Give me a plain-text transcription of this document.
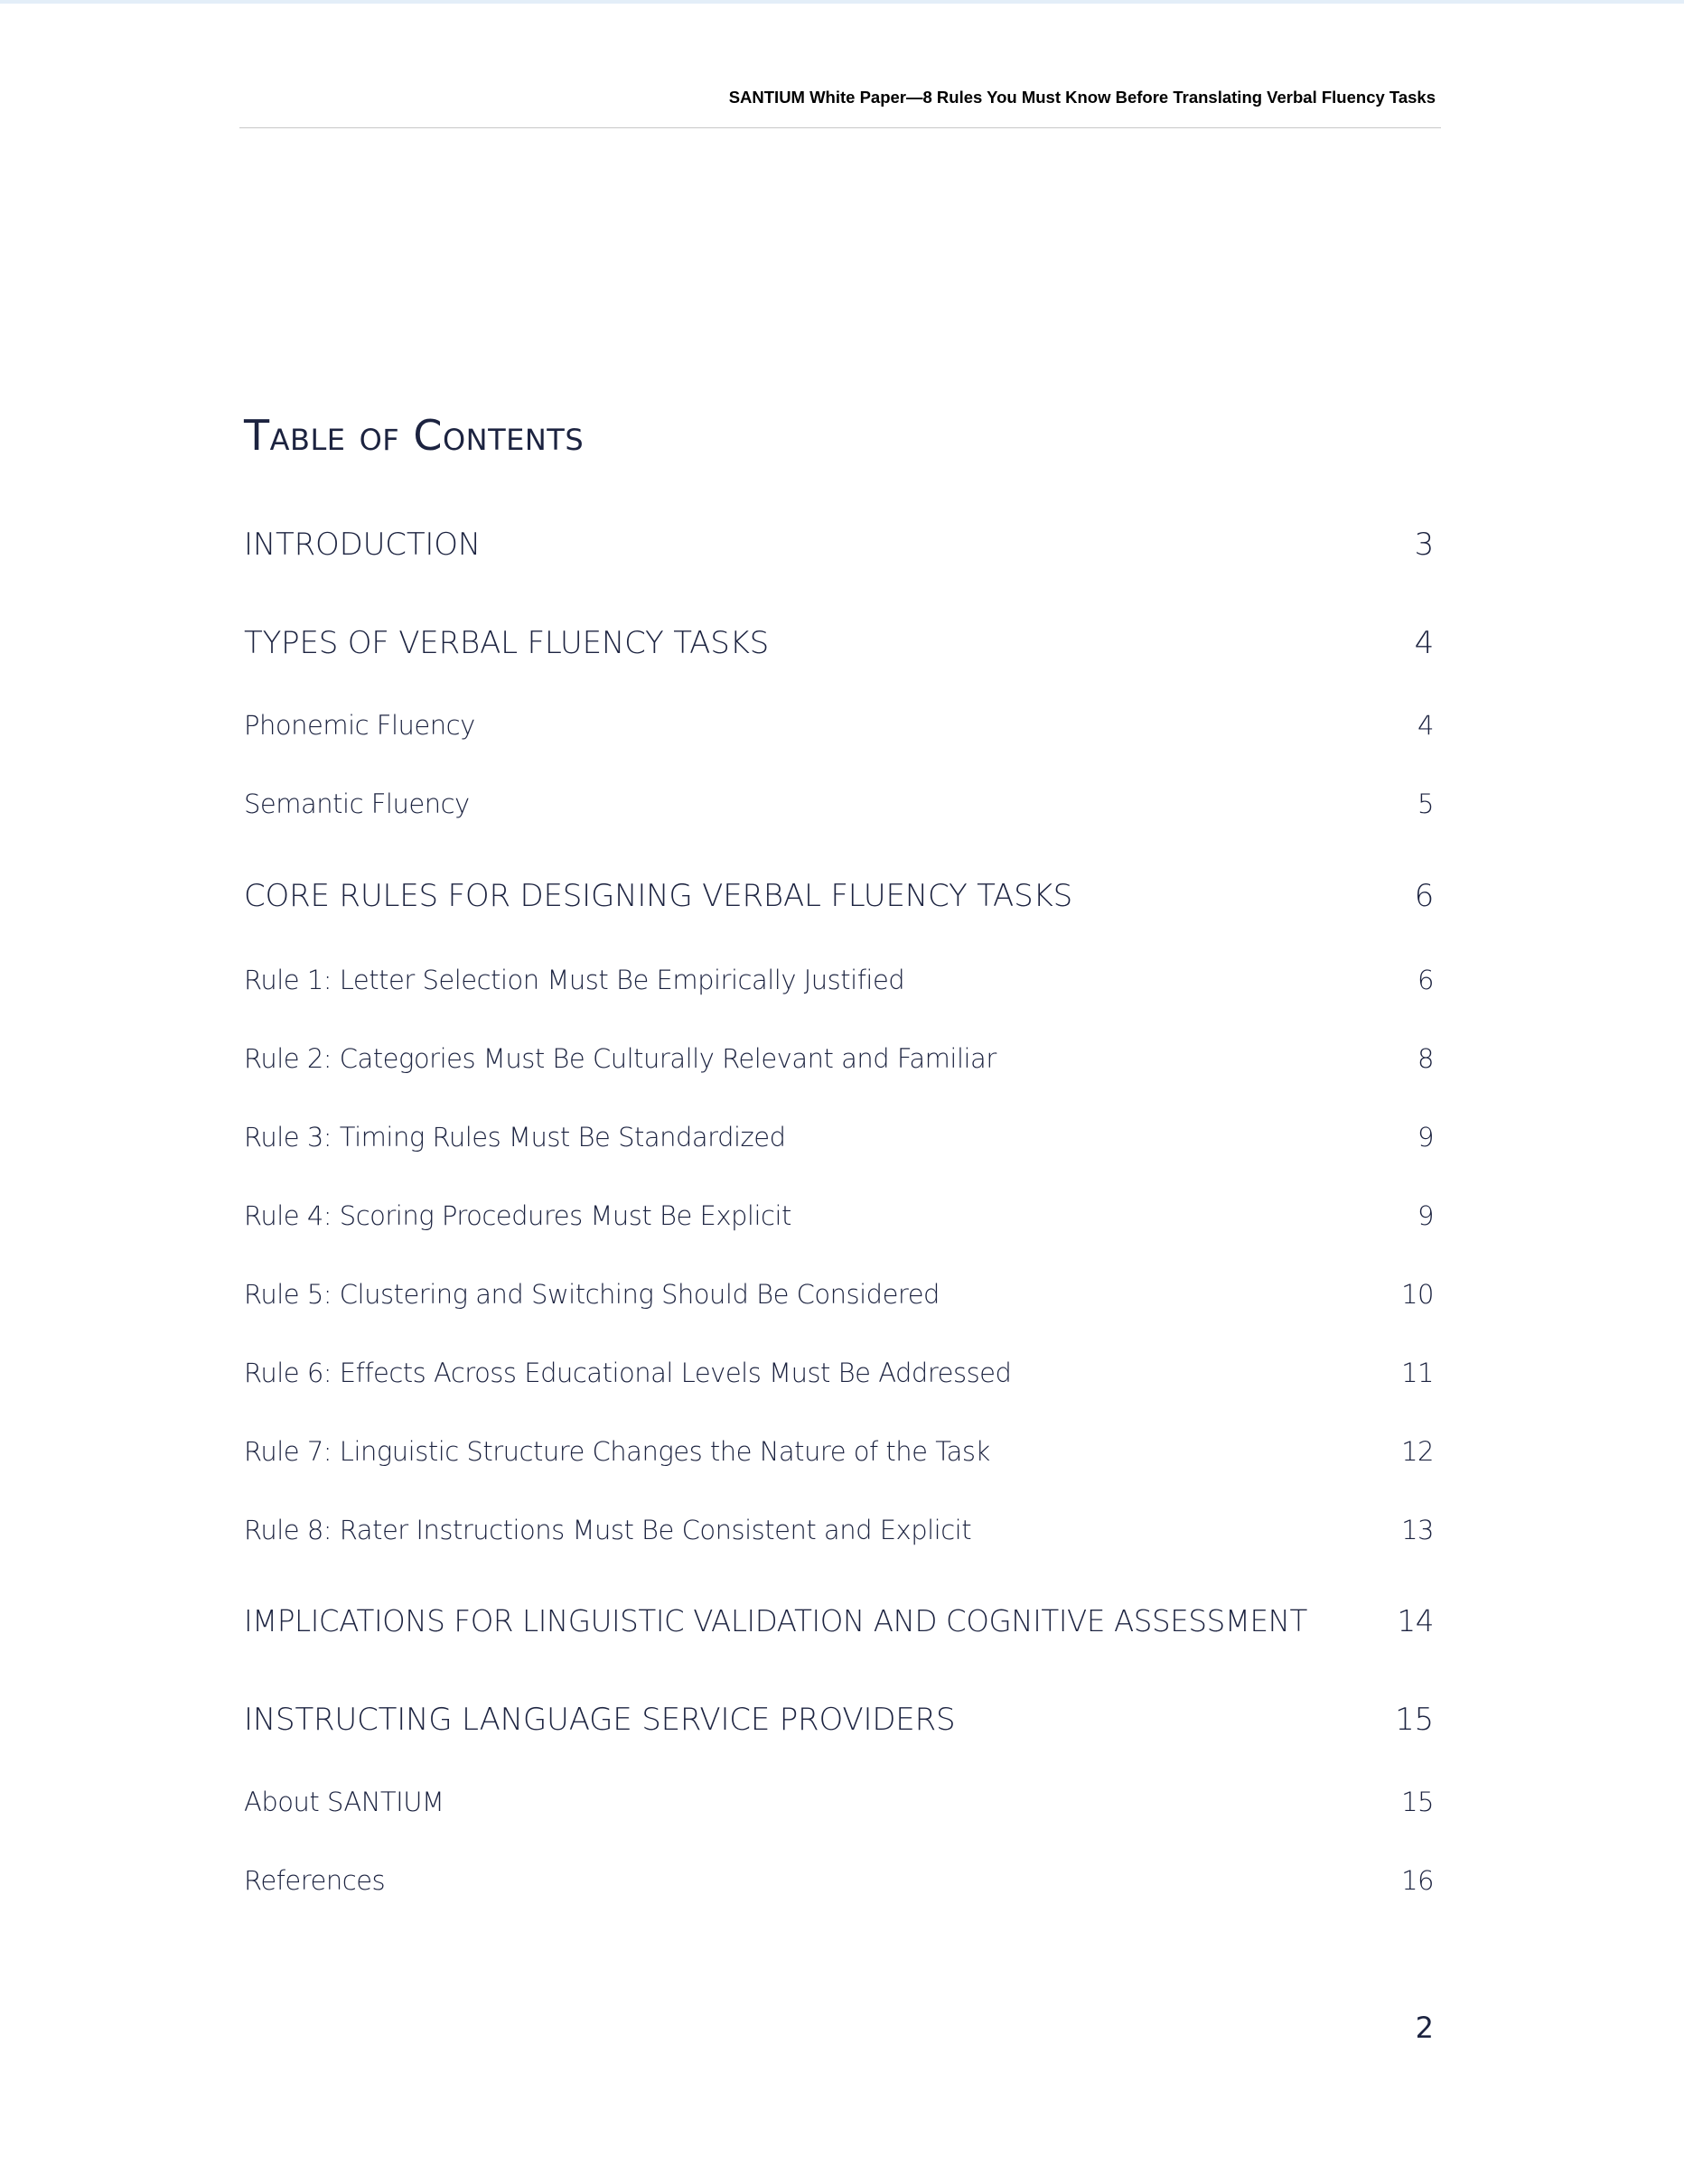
SANTIUM White Paper—8 Rules You Must Know Before Translating Verbal Fluency Tasks
Table of Contents
INTRODUCTION	3
TYPES OF VERBAL FLUENCY TASKS	4
Phonemic Fluency	4
Semantic Fluency	5
CORE RULES FOR DESIGNING VERBAL FLUENCY TASKS	6
Rule 1: Letter Selection Must Be Empirically Justified	6
Rule 2: Categories Must Be Culturally Relevant and Familiar	8
Rule 3: Timing Rules Must Be Standardized	9
Rule 4: Scoring Procedures Must Be Explicit	9
Rule 5: Clustering and Switching Should Be Considered	10
Rule 6: Effects Across Educational Levels Must Be Addressed	11
Rule 7: Linguistic Structure Changes the Nature of the Task	12
Rule 8: Rater Instructions Must Be Consistent and Explicit	13
IMPLICATIONS FOR LINGUISTIC VALIDATION AND COGNITIVE ASSESSMENT	14
INSTRUCTING LANGUAGE SERVICE PROVIDERS	15
About SANTIUM	15
References	16
2
